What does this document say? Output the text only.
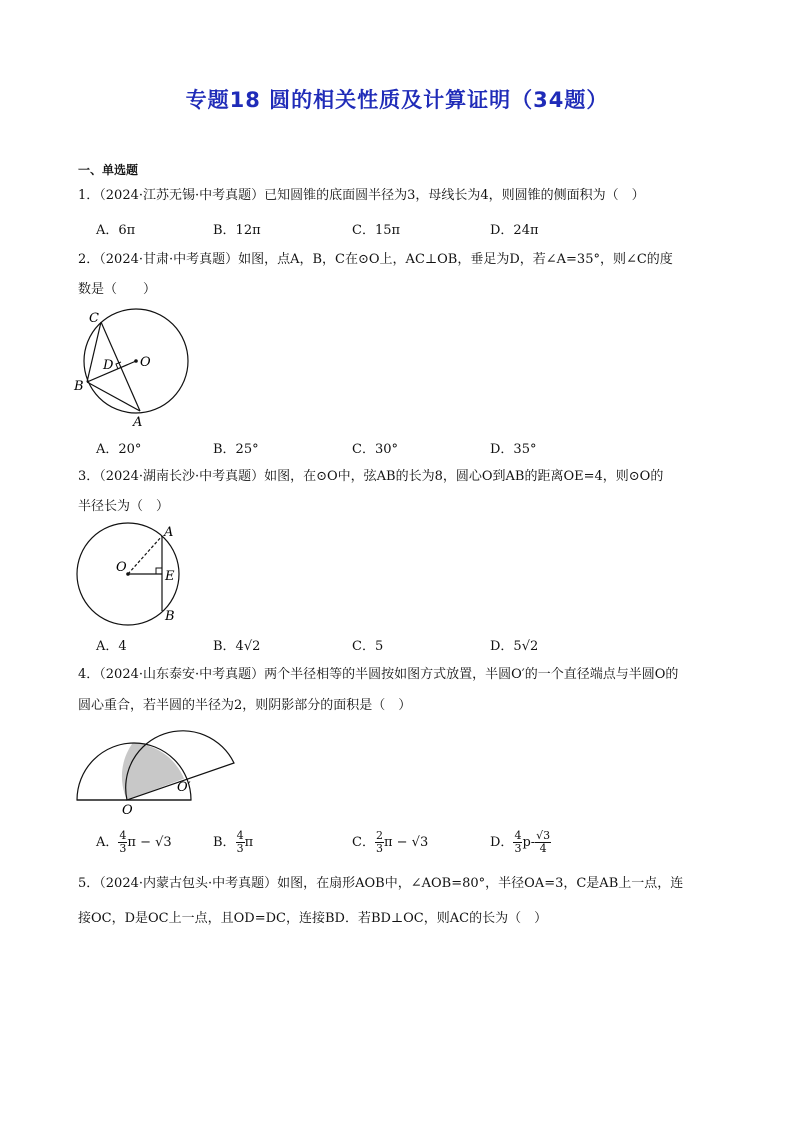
专题18 圆的相关性质及计算证明（34题）
一、单选题
1．（2024·江苏无锡·中考真题）已知圆锥的底面圆半径为3，母线长为4，则圆锥的侧面积为（　）
A．6π	B．12π	C．15π	D．24π
2．（2024·甘肃·中考真题）如图，点A，B，C在⊙O上，AC⊥OB，垂足为D，若∠A=35°，则∠C的度
数是（　　）
C
D O
B
A
A．20°	B．25°	C．30°	D．35°
3．（2024·湖南长沙·中考真题）如图，在⊙O中，弦AB的长为8，圆心O到AB的距离OE=4，则⊙O的
半径长为（　）
A
O
E
B
A．4	B．4√2	C．5	D．5√2
4．（2024·山东泰安·中考真题）两个半径相等的半圆按如图方式放置，半圆O′的一个直径端点与半圆O的
圆心重合，若半圆的半径为2，则阴影部分的面积是（　）
O
O′
A． $\frac{4}{3}$ π − √3	B． $\frac{4}{3}$ π	C． $\frac{2}{3}$ π − √3	D． $\frac{4}{3} p- \frac{√3}{4}$
5．（2024·内蒙古包头·中考真题）如图，在扇形AOB中，∠AOB=80°，半径OA=3，C是AB上一点，连
接OC，D是OC上一点，且OD=DC，连接BD．若BD⊥OC，则AC的长为（　）
